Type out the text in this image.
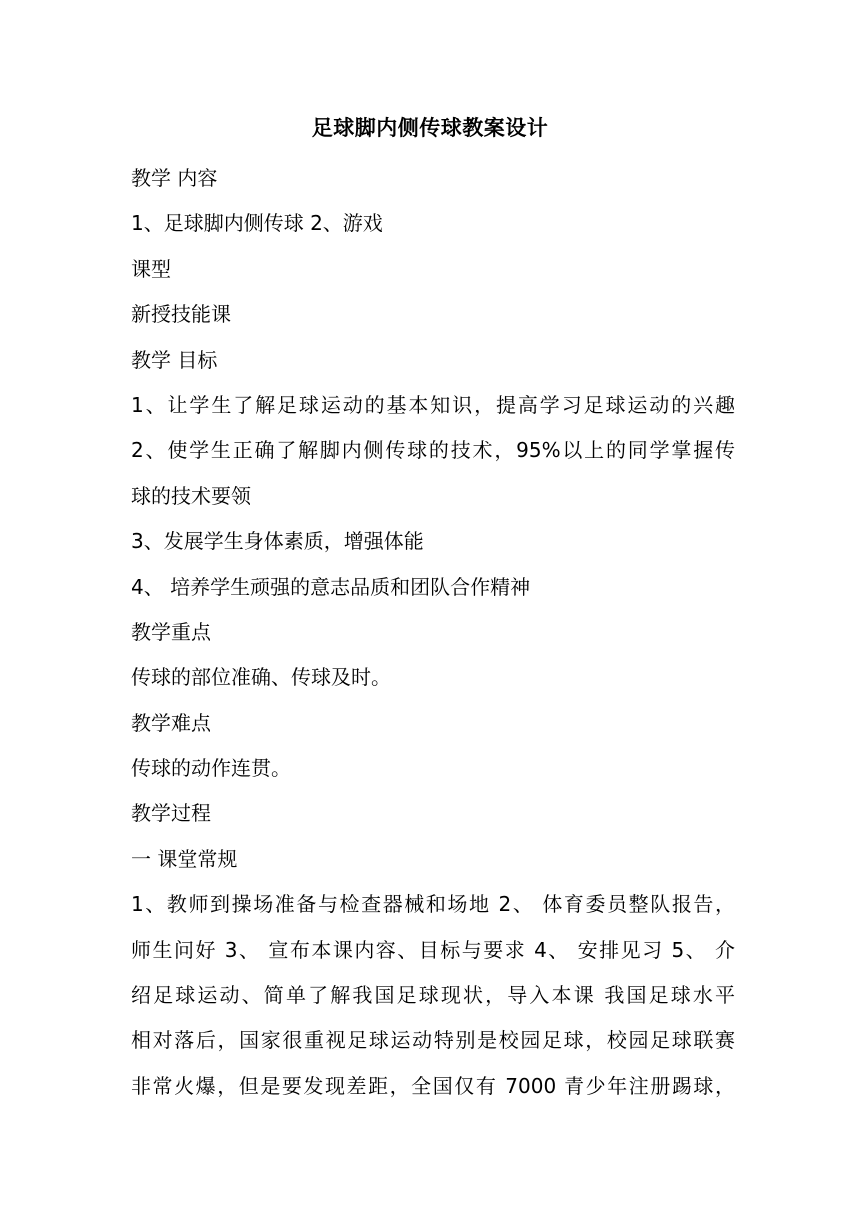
足球脚内侧传球教案设计
教学 内容
1、足球脚内侧传球 2、游戏
课型
新授技能课
教学 目标
1、让学生了解足球运动的基本知识，提高学习足球运动的兴趣
2、使学生正确了解脚内侧传球的技术，95%以上的同学掌握传
球的技术要领
3、发展学生身体素质，增强体能
4、 培养学生顽强的意志品质和团队合作精神
教学重点
传球的部位准确、传球及时。
教学难点
传球的动作连贯。
教学过程
一 课堂常规
1、教师到操场准备与检查器械和场地 2、 体育委员整队报告，
师生问好 3、 宣布本课内容、目标与要求 4、 安排见习 5、 介
绍足球运动、简单了解我国足球现状，导入本课 我国足球水平
相对落后，国家很重视足球运动特别是校园足球，校园足球联赛
非常火爆，但是要发现差距，全国仅有 7000 青少年注册踢球，
